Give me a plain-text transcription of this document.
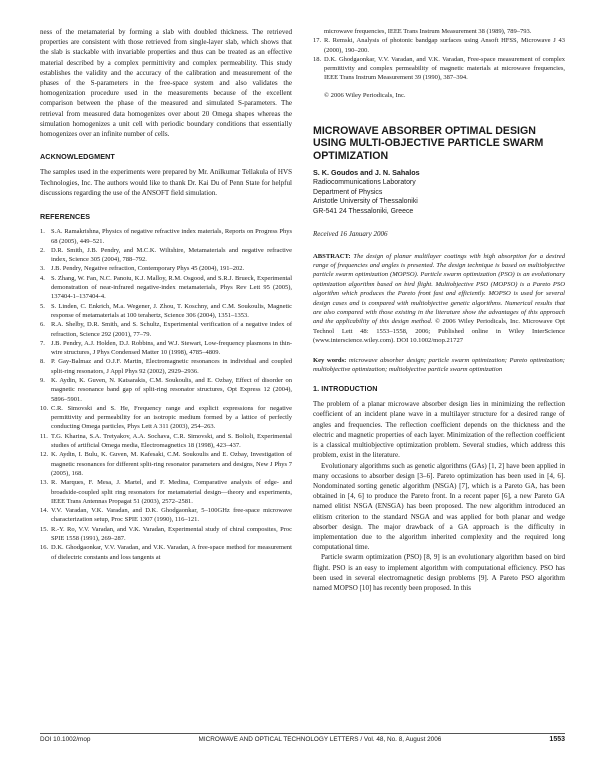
ness of the metamaterial by forming a slab with doubled thickness. The retrieved properties are consistent with those retrieved from single-layer slab, which shows that the slab is stackable with invariable properties and thus can be treated as an effective material described by a complex permittivity and complex permeability. This study establishes the validity and the accuracy of the calibration and measurement of the phases of the S-parameters in the free-space system and also validates the homogenization procedure used in the measurements because of the excellent comparison between the phase of the measured and simulated S-parameters. The retrieval from measured data homogenizes over about 20 Omega shapes whereas the simulation homogenizes a unit cell with periodic boundary conditions that essentially homogenizes over an infinite number of cells.

ACKNOWLEDGMENT

The samples used in the experiments were prepared by Mr. Anilkumar Tellakula of HVS Technologies, Inc. The authors would like to thank Dr. Kai Du of Penn State for helpful discussions regarding the use of the ANSOFT field simulation.

REFERENCES
1. S.A. Ramakrishna, Physics of negative refractive index materials, Reports on Progress Phys 68 (2005), 449–521.
2. D.R. Smith, J.B. Pendry, and M.C.K. Wiltshire, Metamaterials and negative refractive index, Science 305 (2004), 788–792.
3. J.B. Pendry, Negative refraction, Contemporary Phys 45 (2004), 191–202.
4. S. Zhang, W. Fan, N.C. Panoiu, K.J. Malloy, R.M. Osgood, and S.R.J. Brueck, Experimental demonstration of near-infrared negative-index metamaterials, Phys Rev Lett 95 (2005), 137404-1–137404-4.
5. S. Linden, C. Enkrich, M.a. Wegener, J. Zhou, T. Koschny, and C.M. Soukoulis, Magnetic response of metamaterials at 100 terahertz, Science 306 (2004), 1351–1353.
6. R.A. Shelby, D.R. Smith, and S. Schultz, Experimental verification of a negative index of refraction, Science 292 (2001), 77–79.
7. J.B. Pendry, A.J. Holden, D.J. Robbins, and W.J. Stewart, Low-frequency plasmons in thin-wire structures, J Phys Condensed Matter 10 (1998), 4785–4809.
8. P. Gay-Balmaz and O.J.F. Martin, Electromagnetic resonances in individual and coupled split-ring resonators, J Appl Phys 92 (2002), 2929–2936.
9. K. Aydin, K. Guven, N. Katsarakis, C.M. Soukoulis, and E. Ozbay, Effect of disorder on magnetic resonance band gap of split-ring resonator structures, Opt Express 12 (2004), 5896–5901.
10. C.R. Simovski and S. He, Frequency range and explicit expressions for negative permittivity and permeability for an isotropic medium formed by a lattice of perfectly conducting Omega particles, Phys Lett A 311 (2003), 254–263.
11. T.G. Kharina, S.A. Tretyakov, A.A. Sochava, C.R. Simovski, and S. Bolioli, Experimental studies of artificial Omega media, Electromagnetics 18 (1998), 423–437.
12. K. Aydin, I. Bulu, K. Guven, M. Kafesaki, C.M. Soukoulis and E. Ozbay, Investigation of magnetic resonances for different split-ring resonator parameters and designs, New J Phys 7 (2005), 168.
13. R. Marques, F. Mesa, J. Martel, and F. Medina, Comparative analysis of edge- and broadside-coupled split ring resonators for metamaterial design—theory and experiments, IEEE Trans Antennas Propagat 51 (2003), 2572–2581.
14. V.V. Varadan, V.K. Varadan, and D.K. Ghodgaonkar, 5–100GHz free-space microwave characterization setup, Proc SPIE 1307 (1990), 116–121.
15. R.-Y. Ro, V.V. Varadan, and V.K. Varadan, Experimental study of chiral composites, Proc SPIE 1558 (1991), 269–287.
16. D.K. Ghodgaonkar, V.V. Varadan, and V.K. Varadan, A free-space method for measurement of dielectric constants and loss tangents at
microwave frequencies, IEEE Trans Instrum Measurement 38 (1989), 789–793.
17. R. Remski, Analysis of photonic bandgap surfaces using Ansoft HFSS, Microwave J 43 (2000), 190–200.
18. D.K. Ghodgaonkar, V.V. Varadan, and V.K. Varadan, Free-space measurement of complex permittivity and complex permeability of magnetic materials at microwave frequencies, IEEE Trans Instrum Measurement 39 (1990), 387–394.

© 2006 Wiley Periodicals, Inc.

MICROWAVE ABSORBER OPTIMAL DESIGN USING MULTI-OBJECTIVE PARTICLE SWARM OPTIMIZATION
S. K. Goudos and J. N. Sahalos
Radiocommunications Laboratory
Department of Physics
Aristotle University of Thessaloniki
GR-541 24 Thessaloniki, Greece
Received 16 January 2006

ABSTRACT: The design of planar multilayer coatings with high absorption for a desired range of frequencies and angles is presented. The design technique is based on multiobjective particle swarm optimization (MOPSO). Particle swarm optimization (PSO) is an evolutionary optimization algorithm based on bird flight. Multiobjective PSO (MOPSO) is a Pareto PSO algorithm which produces the Pareto front fast and efficiently. MOPSO is used for several design cases and is compared with multiobjective genetic algorithms. Numerical results that are also compared with those existing in the literature show the advantages of this approach and the applicability of this design method. © 2006 Wiley Periodicals, Inc. Microwave Opt Technol Lett 48: 1553–1558, 2006; Published online in Wiley InterScience (www.interscience.wiley.com). DOI 10.1002/mop.21727

Key words: microwave absorber design; particle swarm optimization; Pareto optimization; multiobjective optimization; multiobjective particle swarm optimization

1. INTRODUCTION

The problem of a planar microwave absorber design lies in minimizing the reflection coefficient of an incident plane wave in a multilayer structure for a desired range of angles and frequencies. The reflection coefficient depends on the thickness and the electric and magnetic properties of each layer. Minimization of the reflection coefficient is a classical multiobjective optimization problem. Several studies, which address this problem, exist in the literature.

Evolutionary algorithms such as genetic algorithms (GAs) [1, 2] have been applied in many occasions to absorber design [3–6]. Pareto optimization has been used in [4, 6]. Nondominated sorting genetic algorithm (NSGA) [7], which is a Pareto GA, has been obtained in [4, 6] to produce the Pareto front. In a recent paper [6], a new Pareto GA named elitist NSGA (ENSGA) has been proposed. The new algorithm introduced an elitism criterion to the standard NSGA and was applied for both planar and wedge absorber design. The major drawback of a GA approach is the difficulty in implementation due to the algorithm inherited complexity and the required long computational time.

Particle swarm optimization (PSO) [8, 9] is an evolutionary algorithm based on bird flight. PSO is an easy to implement algorithm with computational efficiency. PSO has been used in several electromagnetic design problems [9]. A Pareto PSO algorithm named MOPSO [10] has recently been proposed. In this

DOI 10.1002/mop	MICROWAVE AND OPTICAL TECHNOLOGY LETTERS / Vol. 48, No. 8, August 2006	1553
